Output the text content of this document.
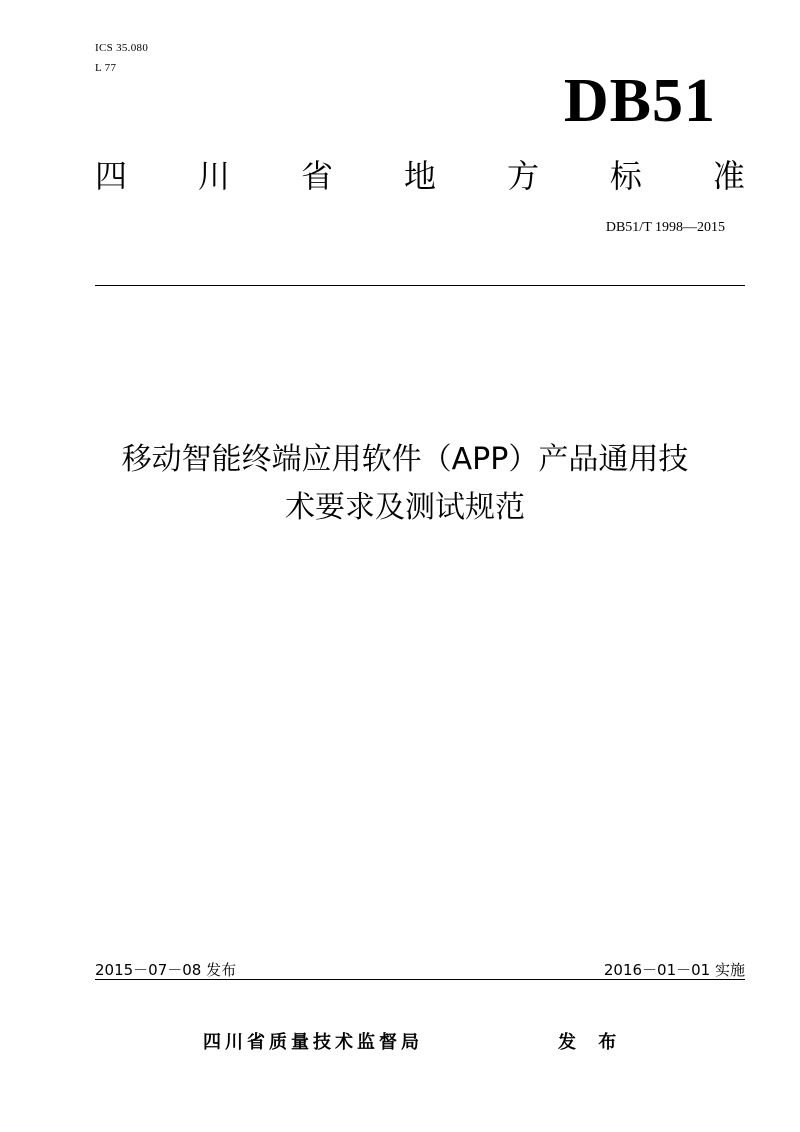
ICS 35.080
L 77	DB51
四 川 省 地 方 标 准
DB51/T 1998—2015
移动智能终端应用软件（APP）产品通用技
术要求及测试规范
2015－07－08 发布	2016－01－01 实施
四川省质量技术监督局	发 布
